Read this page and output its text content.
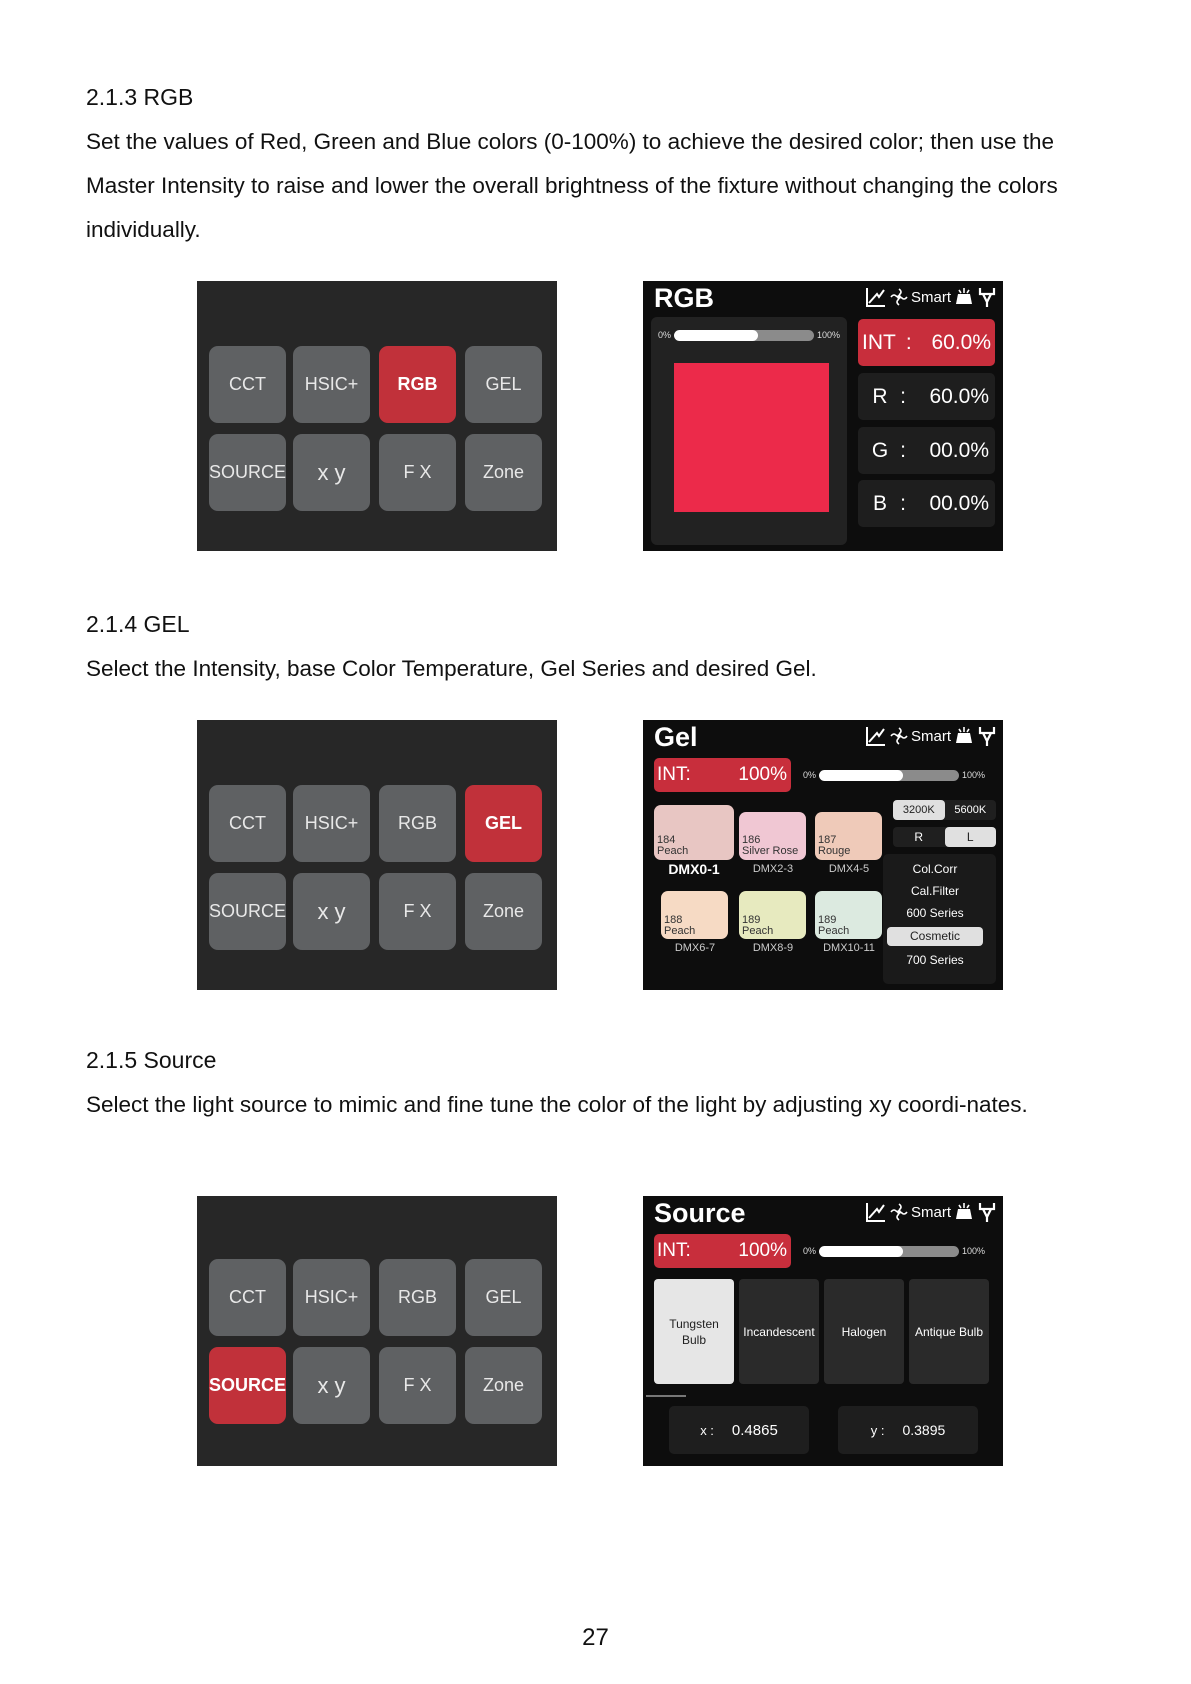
2.1.3 RGB
Set the values of Red, Green and Blue colors (0-100%) to achieve the desired color; then use the Master Intensity to raise and lower the overall brightness of the fixture without changing the colors individually.
CCT	HSIC+	RGB	GEL
SOURCE	x y	F X	Zone
RGB	Smart
0%	100% INT : 60.0%
R :	60.0%
G :	00.0%
B :	00.0%
2.1.4 GEL
Select the Intensity, base Color Temperature, Gel Series and desired Gel.
CCT	HSIC+	RGB	GEL
SOURCE	x y	F X	Zone
Gel	Smart
INT:	100%	0%	100%
184
Peach
186
Silver Rose
187
Rouge
DMX0-1	DMX2-3	DMX4-5
188
Peach
189
Peach
189
Peach
DMX6-7	DMX8-9	DMX10-11
3200K	5600K
R	L
Col.Corr
Cal.Filter
600 Series
Cosmetic
700 Series
2.1.5 Source
Select the light source to mimic and fine tune the color of the light by adjusting xy coordi-nates.
CCT	HSIC+	RGB	GEL
SOURCE	x y	F X	Zone
Source	Smart
INT:	100%	0%	100%
Tungsten Bulb
Incandescent	Halogen	Antique Bulb
x : 0.4865	y : 0.3895
27
